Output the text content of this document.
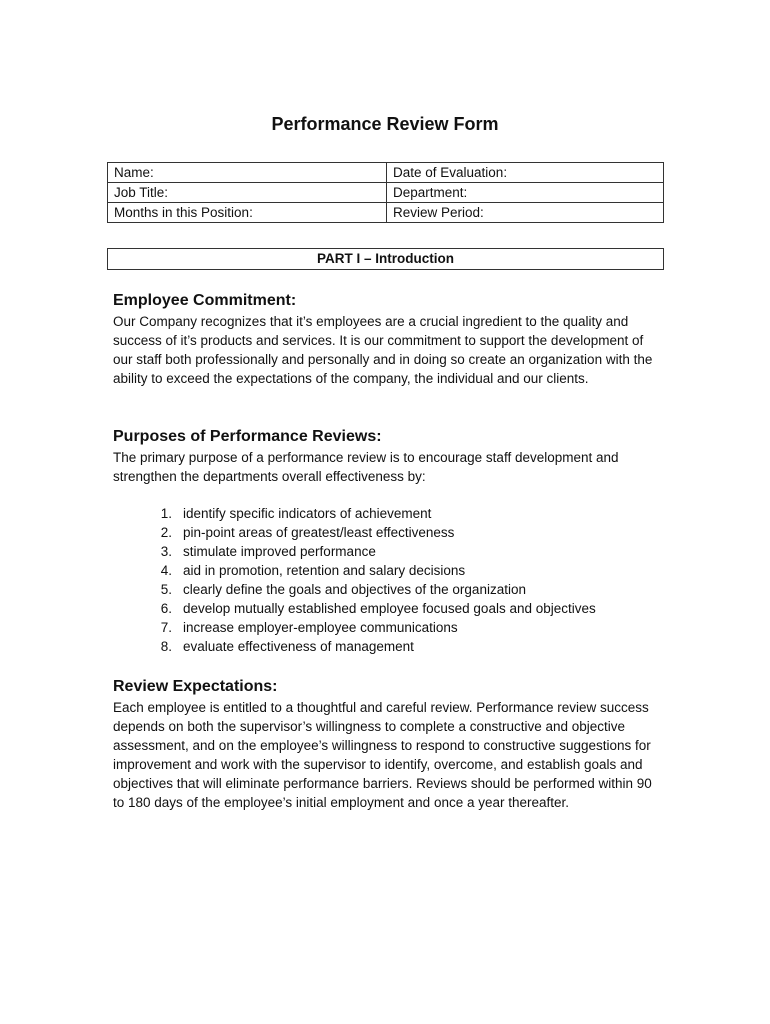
Performance Review Form
Name:	Date of Evaluation:
Job Title:	Department:
Months in this Position:	Review Period:
PART I – Introduction
Employee Commitment:

Our Company recognizes that it’s employees are a crucial ingredient to the quality and success of it’s products and services. It is our commitment to support the development of our staff both professionally and personally and in doing so create an organization with the ability to exceed the expectations of the company, the individual and our clients.

Purposes of Performance Reviews:

The primary purpose of a performance review is to encourage staff development and strengthen the departments overall effectiveness by:

1. identify specific indicators of achievement
2. pin-point areas of greatest/least effectiveness
3. stimulate improved performance
4. aid in promotion, retention and salary decisions
5. clearly define the goals and objectives of the organization
6. develop mutually established employee focused goals and objectives
7. increase employer-employee communications
8. evaluate effectiveness of management
Review Expectations:

Each employee is entitled to a thoughtful and careful review. Performance review success depends on both the supervisor’s willingness to complete a constructive and objective assessment, and on the employee’s willingness to respond to constructive suggestions for improvement and work with the supervisor to identify, overcome, and establish goals and objectives that will eliminate performance barriers. Reviews should be performed within 90 to 180 days of the employee’s initial employment and once a year thereafter.
